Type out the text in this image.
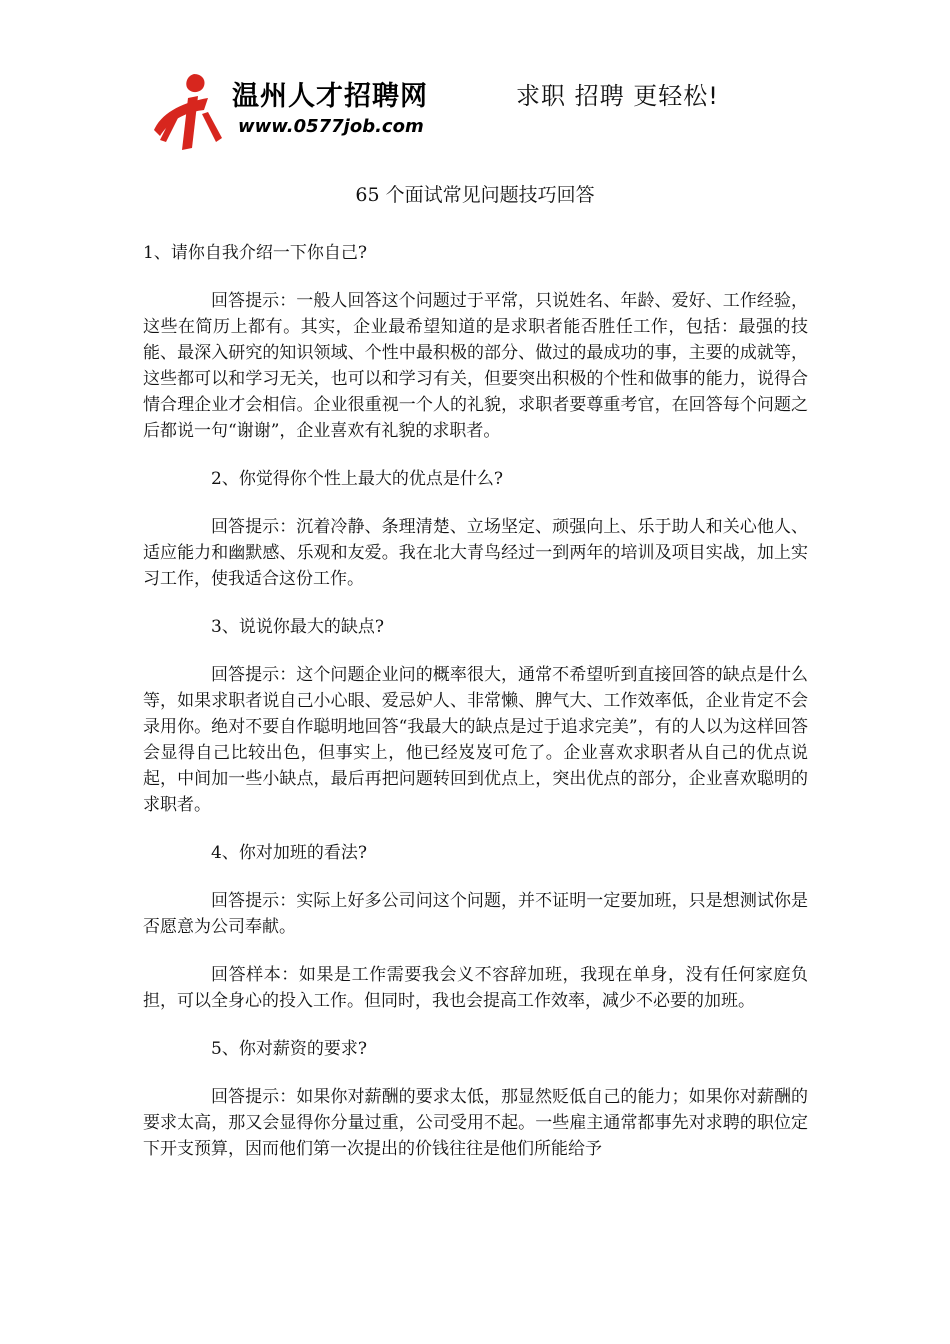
温州人才招聘网
www.0577job.com
求职 招聘 更轻松!
65 个面试常见问题技巧回答

1、请你自我介绍一下你自己?

回答提示：一般人回答这个问题过于平常，只说姓名、年龄、爱好、工作经验，这些在简历上都有。其实，企业最希望知道的是求职者能否胜任工作，包括：最强的技能、最深入研究的知识领域、个性中最积极的部分、做过的最成功的事，主要的成就等，这些都可以和学习无关，也可以和学习有关，但要突出积极的个性和做事的能力，说得合情合理企业才会相信。企业很重视一个人的礼貌，求职者要尊重考官，在回答每个问题之后都说一句“谢谢”，企业喜欢有礼貌的求职者。

2、你觉得你个性上最大的优点是什么?

回答提示：沉着冷静、条理清楚、立场坚定、顽强向上、乐于助人和关心他人、适应能力和幽默感、乐观和友爱。我在北大青鸟经过一到两年的培训及项目实战，加上实习工作，使我适合这份工作。

3、说说你最大的缺点?

回答提示：这个问题企业问的概率很大，通常不希望听到直接回答的缺点是什么等，如果求职者说自己小心眼、爱忌妒人、非常懒、脾气大、工作效率低，企业肯定不会录用你。绝对不要自作聪明地回答“我最大的缺点是过于追求完美”，有的人以为这样回答会显得自己比较出色，但事实上，他已经岌岌可危了。企业喜欢求职者从自己的优点说起，中间加一些小缺点，最后再把问题转回到优点上，突出优点的部分，企业喜欢聪明的求职者。

4、你对加班的看法?

回答提示：实际上好多公司问这个问题，并不证明一定要加班，只是想测试你是否愿意为公司奉献。

回答样本：如果是工作需要我会义不容辞加班，我现在单身，没有任何家庭负担，可以全身心的投入工作。但同时，我也会提高工作效率，减少不必要的加班。

5、你对薪资的要求?

回答提示：如果你对薪酬的要求太低，那显然贬低自己的能力；如果你对薪酬的要求太高，那又会显得你分量过重，公司受用不起。一些雇主通常都事先对求聘的职位定下开支预算，因而他们第一次提出的价钱往往是他们所能给予
